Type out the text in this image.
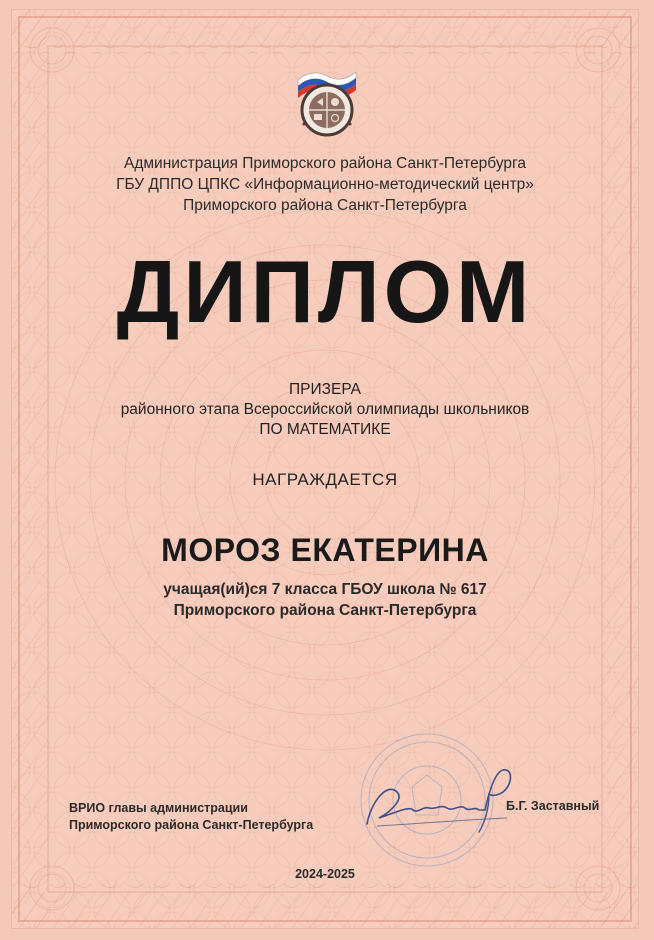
Администрация Приморского района Санкт-Петербурга
ГБУ ДППО ЦПКС «Информационно-методический центр»
Приморского района Санкт-Петербурга
ДИПЛОМ
ПРИЗЕРА
районного этапа Всероссийской олимпиады школьников
ПО МАТЕМАТИКЕ
НАГРАЖДАЕТСЯ
МОРОЗ ЕКАТЕРИНА
учащая(ий)ся 7 класса ГБОУ школа № 617
Приморского района Санкт-Петербурга
ВРИО главы администрации
Приморского района Санкт-Петербурга
Б.Г. Заставный
2024-2025
